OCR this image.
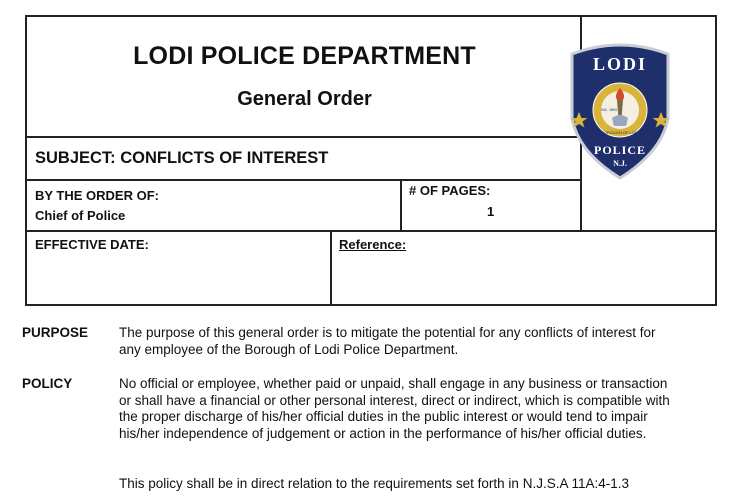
LODI POLICE DEPARTMENT
General Order
SUBJECT: CONFLICTS OF INTEREST
BY THE ORDER OF:
Chief of Police
# OF PAGES:
1
EFFECTIVE DATE:	Reference:
LODI
INC. 1894
BOROUGH OF LODI
POLICE
N.J.
PURPOSE The purpose of this general order is to mitigate the potential for any conflicts of interest for
any employee of the Borough of Lodi Police Department.
POLICY	No official or employee, whether paid or unpaid, shall engage in any business or transaction
or shall have a financial or other personal interest, direct or indirect, which is compatible with
the proper discharge of his/her official duties in the public interest or would tend to impair
his/her independence of judgement or action in the performance of his/her official duties.
This policy shall be in direct relation to the requirements set forth in N.J.S.A 11A:4-1.3
